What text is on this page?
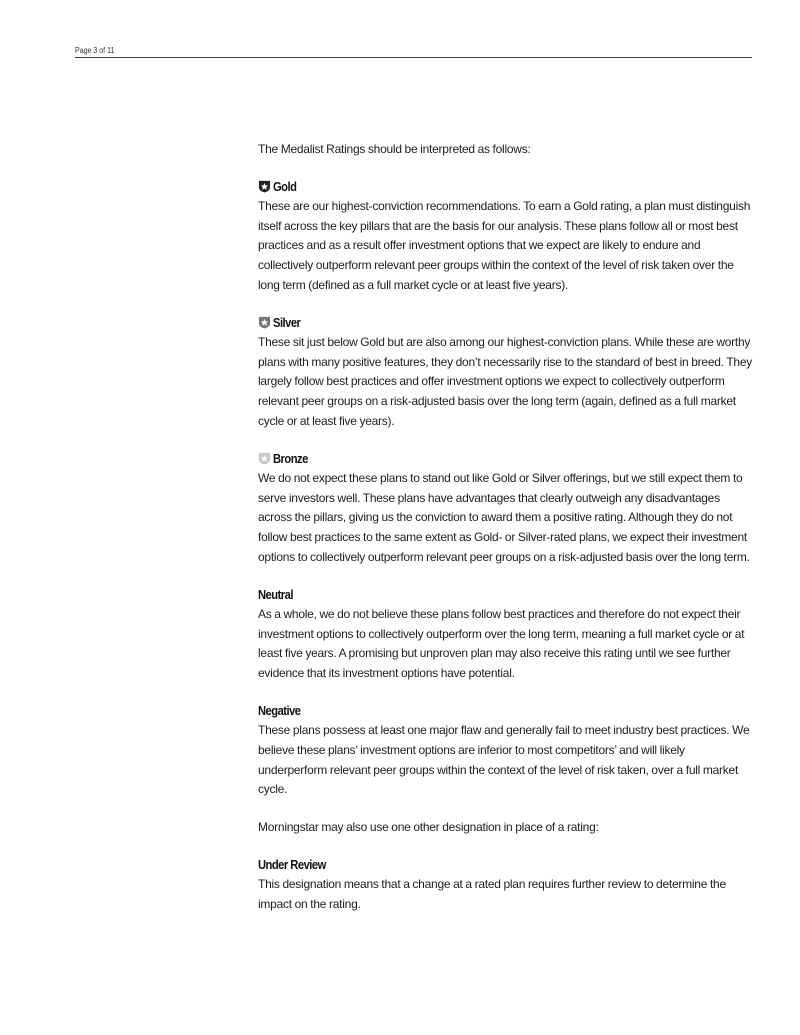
Page 3 of 11

The Medalist Ratings should be interpreted as follows:

Gold

These are our highest-conviction recommendations. To earn a Gold rating, a plan must distinguish itself across the key pillars that are the basis for our analysis. These plans follow all or most best practices and as a result offer investment options that we expect are likely to endure and collectively outperform relevant peer groups within the context of the level of risk taken over the long term (defined as a full market cycle or at least five years).

Silver

These sit just below Gold but are also among our highest-conviction plans. While these are worthy plans with many positive features, they don’t necessarily rise to the standard of best in breed. They largely follow best practices and offer investment options we expect to collectively outperform relevant peer groups on a risk-adjusted basis over the long term (again, defined as a full market cycle or at least five years).

Bronze

We do not expect these plans to stand out like Gold or Silver offerings, but we still expect them to serve investors well. These plans have advantages that clearly outweigh any disadvantages across the pillars, giving us the conviction to award them a positive rating. Although they do not follow best practices to the same extent as Gold- or Silver-rated plans, we expect their investment options to collectively outperform relevant peer groups on a risk-adjusted basis over the long term.

Neutral

As a whole, we do not believe these plans follow best practices and therefore do not expect their investment options to collectively outperform over the long term, meaning a full market cycle or at least five years. A promising but unproven plan may also receive this rating until we see further evidence that its investment options have potential.

Negative

These plans possess at least one major flaw and generally fail to meet industry best practices. We believe these plans’ investment options are inferior to most competitors’ and will likely underperform relevant peer groups within the context of the level of risk taken, over a full market cycle.

Morningstar may also use one other designation in place of a rating:

Under Review

This designation means that a change at a rated plan requires further review to determine the impact on the rating.
